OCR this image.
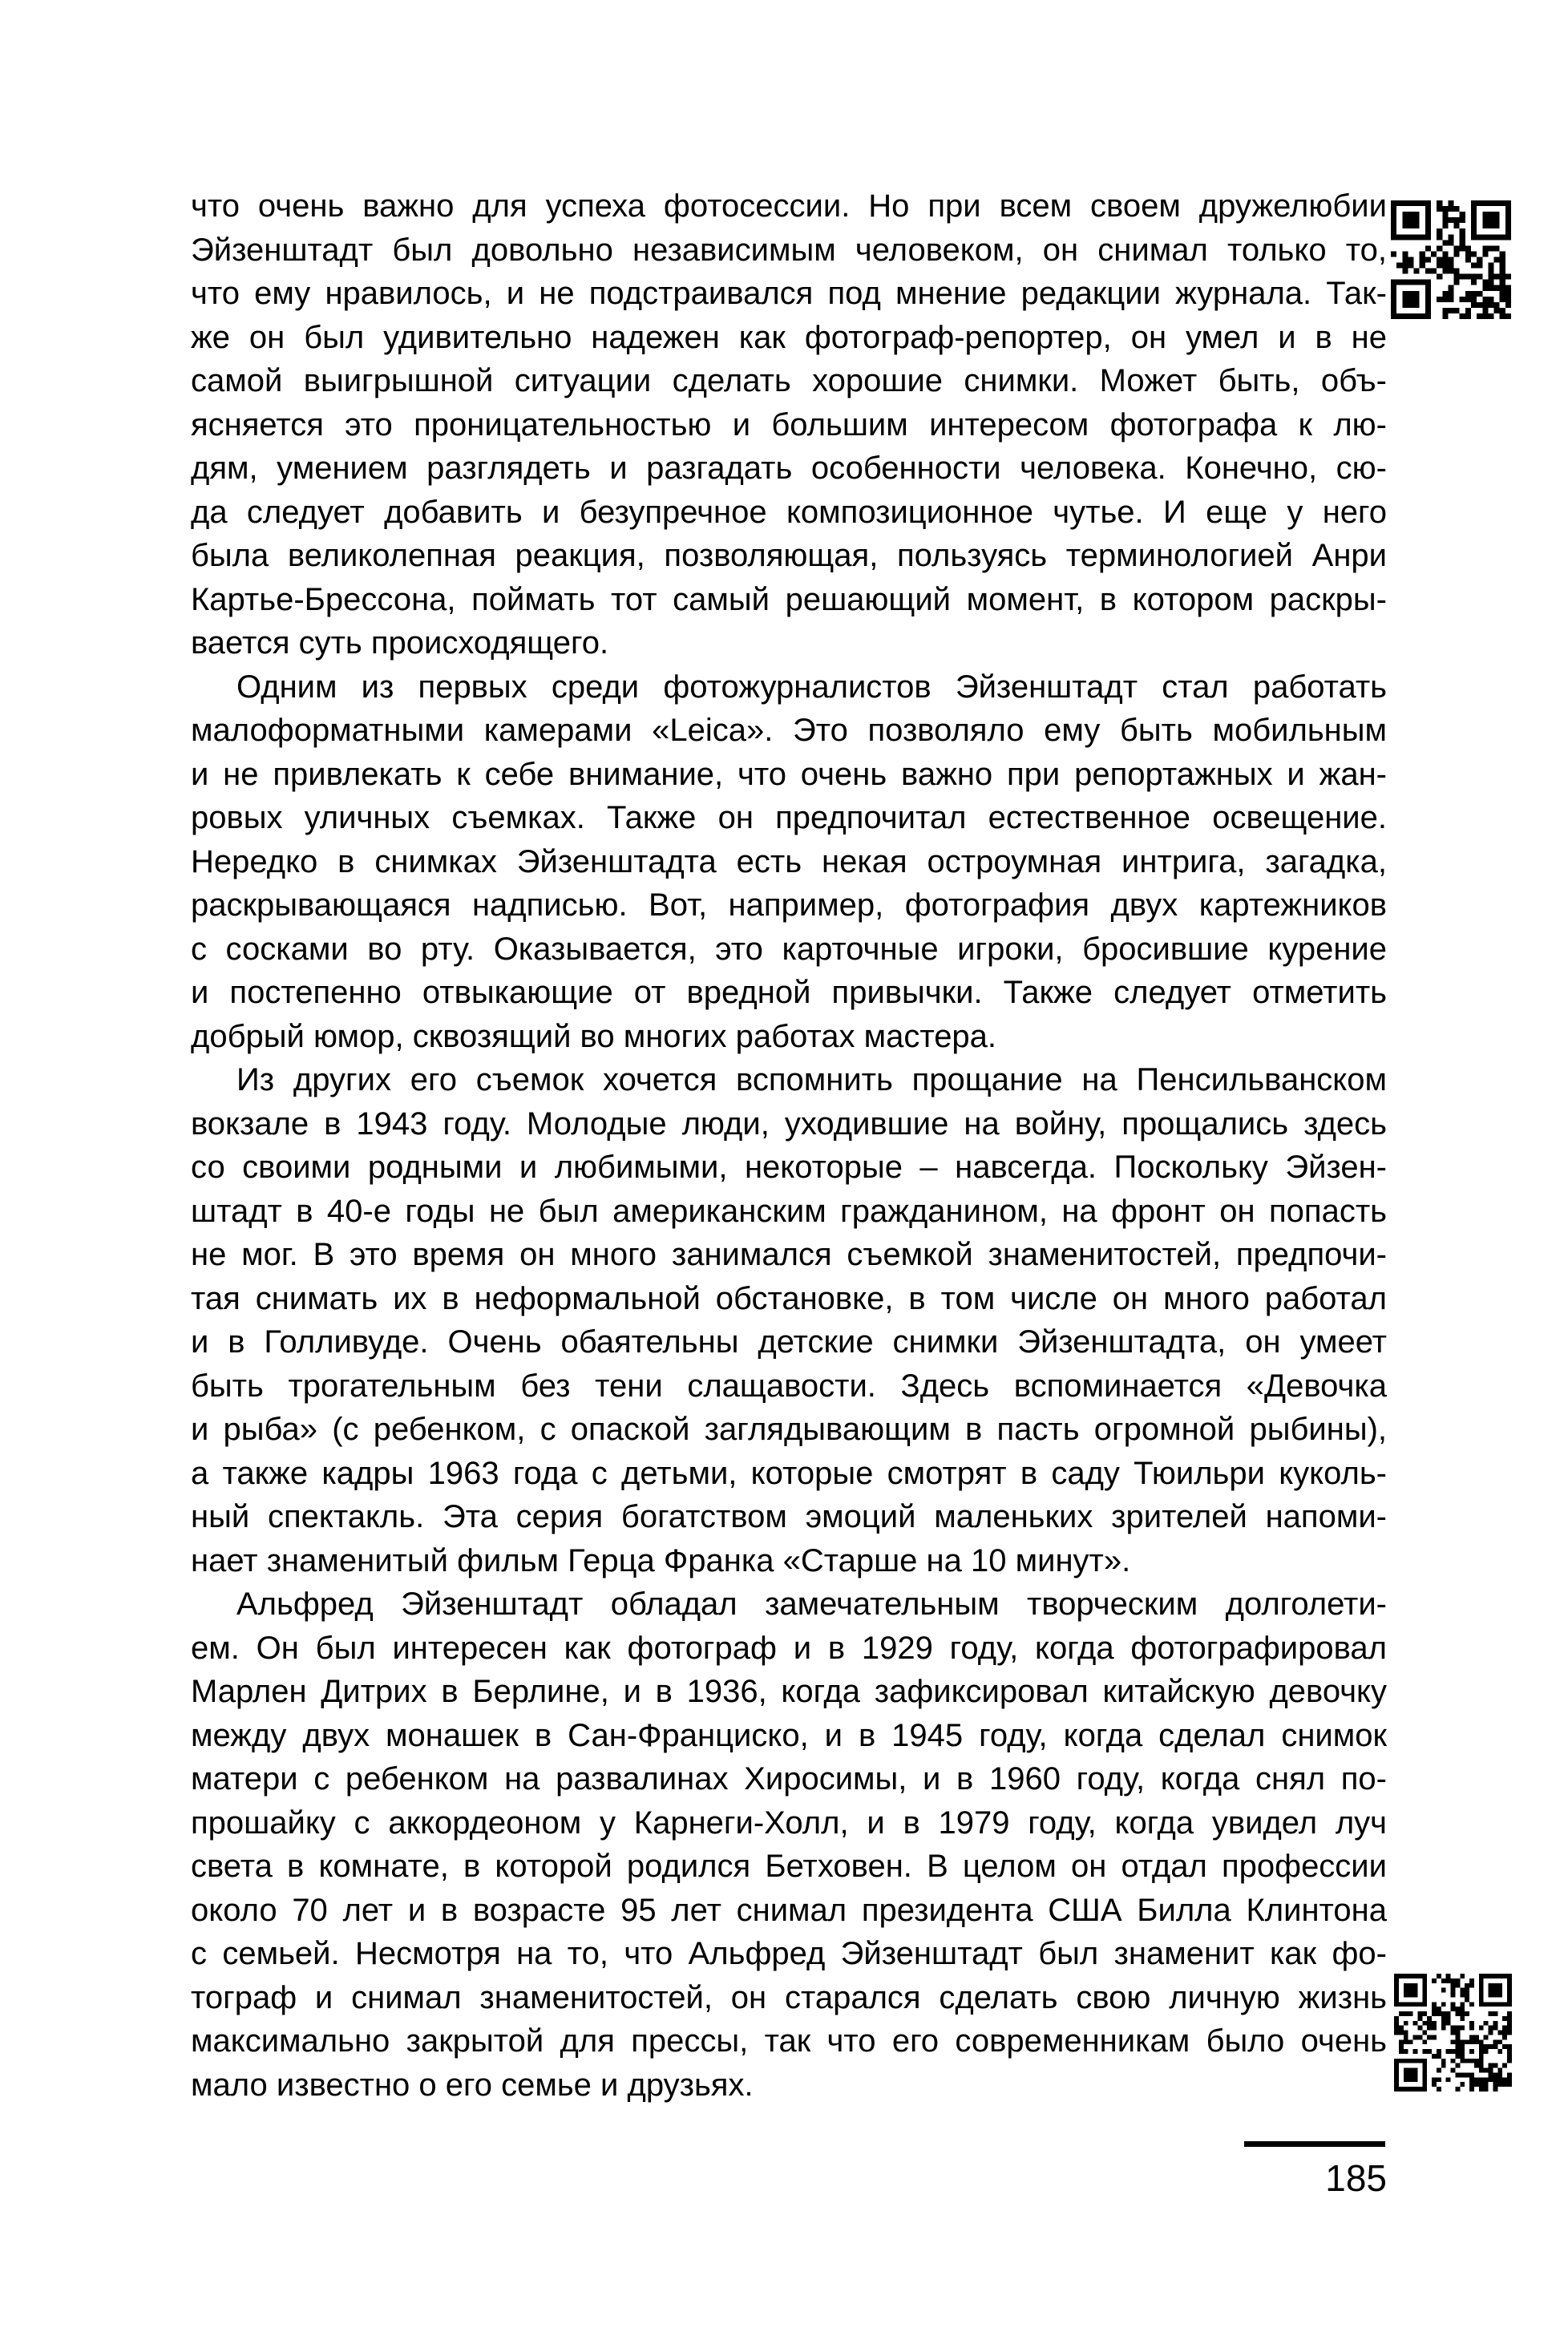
что очень важно для успеха фотосессии. Но при всем своем дружелюбии
Эйзенштадт был довольно независимым человеком, он снимал только то,
что ему нравилось, и не подстраивался под мнение редакции журнала. Так-
же он был удивительно надежен как фотограф-репортер, он умел и в не
самой выигрышной ситуации сделать хорошие снимки. Может быть, объ-
ясняется это проницательностью и большим интересом фотографа к лю-
дям, умением разглядеть и разгадать особенности человека. Конечно, сю-
да следует добавить и безупречное композиционное чутье. И еще у него
была великолепная реакция, позволяющая, пользуясь терминологией Анри
Картье-Брессона, поймать тот самый решающий момент, в котором раскры-
вается суть происходящего.
Одним из первых среди фотожурналистов Эйзенштадт стал работать
малоформатными камерами «Leica». Это позволяло ему быть мобильным
и не привлекать к себе внимание, что очень важно при репортажных и жан-
ровых уличных съемках. Также он предпочитал естественное освещение.
Нередко в снимках Эйзенштадта есть некая остроумная интрига, загадка,
раскрывающаяся надписью. Вот, например, фотография двух картежников
с сосками во рту. Оказывается, это карточные игроки, бросившие курение
и постепенно отвыкающие от вредной привычки. Также следует отметить
добрый юмор, сквозящий во многих работах мастера.
Из других его съемок хочется вспомнить прощание на Пенсильванском
вокзале в 1943 году. Молодые люди, уходившие на войну, прощались здесь
со своими родными и любимыми, некоторые – навсегда. Поскольку Эйзен-
штадт в 40-е годы не был американским гражданином, на фронт он попасть
не мог. В это время он много занимался съемкой знаменитостей, предпочи-
тая снимать их в неформальной обстановке, в том числе он много работал
и в Голливуде. Очень обаятельны детские снимки Эйзенштадта, он умеет
быть трогательным без тени слащавости. Здесь вспоминается «Девочка
и рыба» (с ребенком, с опаской заглядывающим в пасть огромной рыбины),
а также кадры 1963 года с детьми, которые смотрят в саду Тюильри куколь-
ный спектакль. Эта серия богатством эмоций маленьких зрителей напоми-
нает знаменитый фильм Герца Франка «Старше на 10 минут».
Альфред Эйзенштадт обладал замечательным творческим долголети-
ем. Он был интересен как фотограф и в 1929 году, когда фотографировал
Марлен Дитрих в Берлине, и в 1936, когда зафиксировал китайскую девочку
между двух монашек в Сан-Франциско, и в 1945 году, когда сделал снимок
матери с ребенком на развалинах Хиросимы, и в 1960 году, когда снял по-
прошайку с аккордеоном у Карнеги-Холл, и в 1979 году, когда увидел луч
света в комнате, в которой родился Бетховен. В целом он отдал профессии
около 70 лет и в возрасте 95 лет снимал президента США Билла Клинтона
с семьей. Несмотря на то, что Альфред Эйзенштадт был знаменит как фо-
тограф и снимал знаменитостей, он старался сделать свою личную жизнь
максимально закрытой для прессы, так что его современникам было очень
мало известно о его семье и друзьях.
185
